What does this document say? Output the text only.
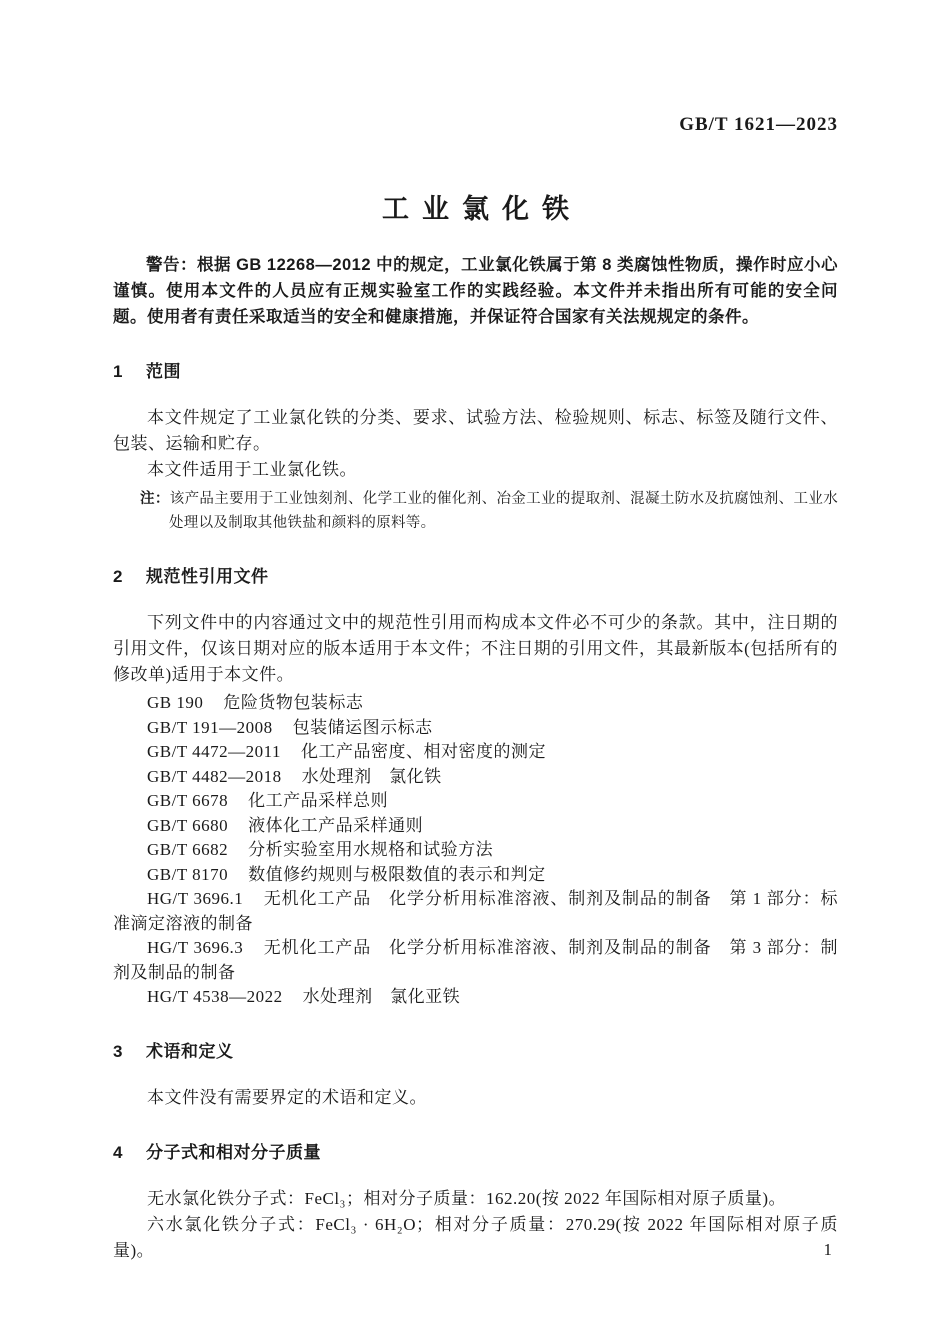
GB/T 1621—2023
工业氯化铁

警告：根据 GB 12268—2012 中的规定，工业氯化铁属于第 8 类腐蚀性物质，操作时应小心谨慎。使用本文件的人员应有正规实验室工作的实践经验。本文件并未指出所有可能的安全问题。使用者有责任采取适当的安全和健康措施，并保证符合国家有关法规规定的条件。

1 范围

本文件规定了工业氯化铁的分类、要求、试验方法、检验规则、标志、标签及随行文件、包装、运输和贮存。

本文件适用于工业氯化铁。

注：该产品主要用于工业蚀刻剂、化学工业的催化剂、冶金工业的提取剂、混凝土防水及抗腐蚀剂、工业水处理以及制取其他铁盐和颜料的原料等。

2 规范性引用文件

下列文件中的内容通过文中的规范性引用而构成本文件必不可少的条款。其中，注日期的引用文件，仅该日期对应的版本适用于本文件；不注日期的引用文件，其最新版本(包括所有的修改单)适用于本文件。

GB 190 危险货物包装标志

GB/T 191—2008 包装储运图示标志

GB/T 4472—2011 化工产品密度、相对密度的测定

GB/T 4482—2018 水处理剂　氯化铁

GB/T 6678 化工产品采样总则

GB/T 6680 液体化工产品采样通则

GB/T 6682 分析实验室用水规格和试验方法

GB/T 8170 数值修约规则与极限数值的表示和判定

HG/T 3696.1 无机化工产品　化学分析用标准溶液、制剂及制品的制备　第 1 部分：标准滴定溶液的制备

HG/T 3696.3 无机化工产品　化学分析用标准溶液、制剂及制品的制备　第 3 部分：制剂及制品的制备

HG/T 4538—2022 水处理剂　氯化亚铁

3 术语和定义

本文件没有需要界定的术语和定义。

4 分子式和相对分子质量

无水氯化铁分子式：FeCl₃；相对分子质量：162.20(按 2022 年国际相对原子质量)。

六水氯化铁分子式：FeCl₃ · 6H₂O；相对分子质量：270.29(按 2022 年国际相对原子质量)。	1
